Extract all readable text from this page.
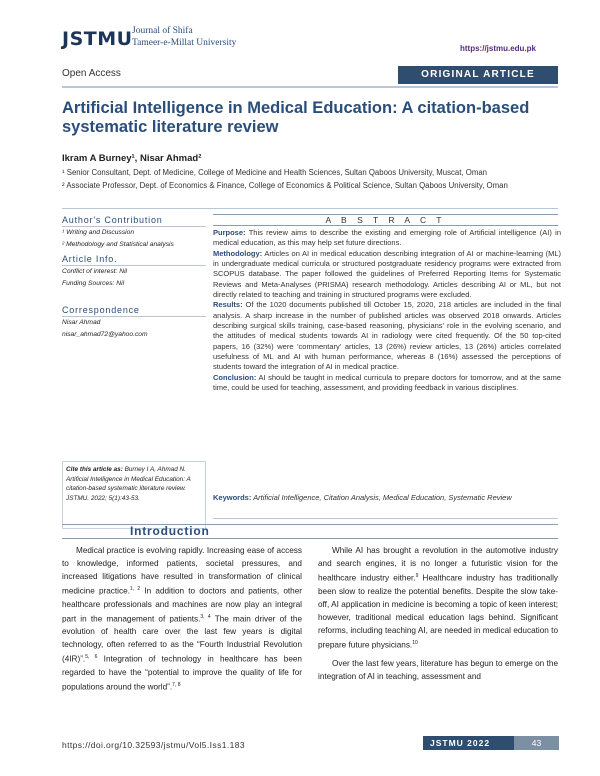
JSTMU Journal of Shifa
Tameer-e-Millat University
https://jstmu.edu.pk
Open Access	ORIGINAL ARTICLE
Artificial Intelligence in Medical Education: A citation-based
systematic literature review
Ikram A Burney¹, Nisar Ahmad²
¹ Senior Consultant, Dept. of Medicine, College of Medicine and Health Sciences, Sultan Qaboos University, Muscat, Oman
² Associate Professor, Dept. of Economics & Finance, College of Economics & Political Science, Sultan Qaboos University, Oman
Author's Contribution
¹ Writing and Discussion
² Methodology and Statistical analysis
Article Info.
Conflict of interest: Nil
Funding Sources: Nil
Correspondence
Nisar Ahmad
nisar_ahmad72@yahoo.com
Cite this article as: Burney I A, Ahmad N. Artificial Intelligence in Medical Education: A citation-based systematic literature review. JSTMU. 2022; 5(1):43-53.
A B S T R A C T

Purpose: This review aims to describe the existing and emerging role of Artificial intelligence (AI) in medical education, as this may help set future directions.

Methodology: Articles on AI in medical education describing integration of AI or machine-learning (ML) in undergraduate medical curricula or structured postgraduate residency programs were extracted from SCOPUS database. The paper followed the guidelines of Preferred Reporting Items for Systematic Reviews and Meta-Analyses (PRISMA) research methodology. Articles describing AI or ML, but not directly related to teaching and training in structured programs were excluded.

Results: Of the 1020 documents published till October 15, 2020, 218 articles are included in the final analysis. A sharp increase in the number of published articles was observed 2018 onwards. Articles describing surgical skills training, case-based reasoning, physicians' role in the evolving scenario, and the attitudes of medical students towards AI in radiology were cited frequently. Of the 50 top-cited papers, 16 (32%) were 'commentary' articles, 13 (26%) review articles, 13 (26%) articles correlated usefulness of ML and AI with human performance, whereas 8 (16%) assessed the perceptions of students toward the integration of AI in medical practice.

Conclusion: AI should be taught in medical curricula to prepare doctors for tomorrow, and at the same time, could be used for teaching, assessment, and providing feedback in various disciplines.

Keywords: Artificial Intelligence, Citation Analysis, Medical Education, Systematic Review
Introduction

Medical practice is evolving rapidly. Increasing ease of access to knowledge, informed patients, societal pressures, and increased litigations have resulted in transformation of clinical medicine practice.$^{1, 2}$ In addition to doctors and patients, other healthcare professionals and machines are now play an integral part in the management of patients.$^{3, 4}$ The main driver of the evolution of health care over the last few years is digital technology, often referred to as the “Fourth Industrial Revolution (4IR)”.$^{5, 6}$ Integration of technology in healthcare has been regarded to have the “potential to improve the quality of life for populations around the world”.$^{7, 8}$

While AI has brought a revolution in the automotive industry and search engines, it is no longer a futuristic vision for the healthcare industry either.$^9$ Healthcare industry has traditionally been slow to realize the potential benefits. Despite the slow take-off, AI application in medicine is becoming a topic of keen interest; however, traditional medical education lags behind. Significant reforms, including teaching AI, are needed in medical education to prepare future physicians.$^{10}$

Over the last few years, literature has begun to emerge on the integration of AI in teaching, assessment and

https://doi.org/10.32593/jstmu/Vol5.Iss1.183	JSTMU 2022	43
